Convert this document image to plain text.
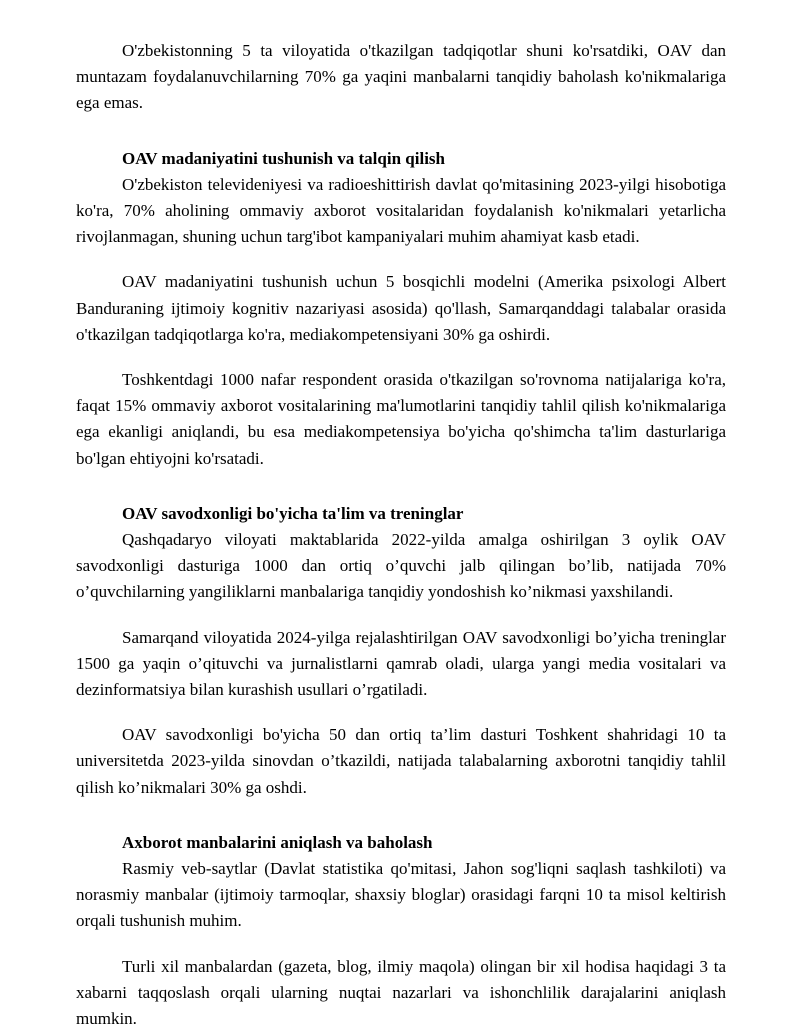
O'zbekistonning 5 ta viloyatida o'tkazilgan tadqiqotlar shuni ko'rsatdiki, OAV dan muntazam foydalanuvchilarning 70% ga yaqini manbalarni tanqidiy baholash ko'nikmalariga ega emas.

OAV madaniyatini tushunish va talqin qilish

O'zbekiston televideniyesi va radioeshittirish davlat qo'mitasining 2023-yilgi hisobotiga ko'ra, 70% aholining ommaviy axborot vositalaridan foydalanish ko'nikmalari yetarlicha rivojlanmagan, shuning uchun targ'ibot kampaniyalari muhim ahamiyat kasb etadi.

OAV madaniyatini tushunish uchun 5 bosqichli modelni (Amerika psixologi Albert Banduraning ijtimoiy kognitiv nazariyasi asosida) qo'llash, Samarqanddagi talabalar orasida o'tkazilgan tadqiqotlarga ko'ra, mediakompetensiyani 30% ga oshirdi.

Toshkentdagi 1000 nafar respondent orasida o'tkazilgan so'rovnoma natijalariga ko'ra, faqat 15% ommaviy axborot vositalarining ma'lumotlarini tanqidiy tahlil qilish ko'nikmalariga ega ekanligi aniqlandi, bu esa mediakompetensiya bo'yicha qo'shimcha ta'lim dasturlariga bo'lgan ehtiyojni ko'rsatadi.

OAV savodxonligi bo'yicha ta'lim va treninglar

Qashqadaryo viloyati maktablarida 2022-yilda amalga oshirilgan 3 oylik OAV savodxonligi dasturiga 1000 dan ortiq o’quvchi jalb qilingan bo’lib, natijada 70% o’quvchilarning yangiliklarni manbalariga tanqidiy yondoshish ko’nikmasi yaxshilandi.

Samarqand viloyatida 2024-yilga rejalashtirilgan OAV savodxonligi bo’yicha treninglar 1500 ga yaqin o’qituvchi va jurnalistlarni qamrab oladi, ularga yangi media vositalari va dezinformatsiya bilan kurashish usullari o’rgatiladi.

OAV savodxonligi bo'yicha 50 dan ortiq ta’lim dasturi Toshkent shahridagi 10 ta universitetda 2023-yilda sinovdan o’tkazildi, natijada talabalarning axborotni tanqidiy tahlil qilish ko’nikmalari 30% ga oshdi.

Axborot manbalarini aniqlash va baholash

Rasmiy veb-saytlar (Davlat statistika qo'mitasi, Jahon sog'liqni saqlash tashkiloti) va norasmiy manbalar (ijtimoiy tarmoqlar, shaxsiy bloglar) orasidagi farqni 10 ta misol keltirish orqali tushunish muhim.

Turli xil manbalardan (gazeta, blog, ilmiy maqola) olingan bir xil hodisa haqidagi 3 ta xabarni taqqoslash orqali ularning nuqtai nazarlari va ishonchlilik darajalarini aniqlash mumkin.
